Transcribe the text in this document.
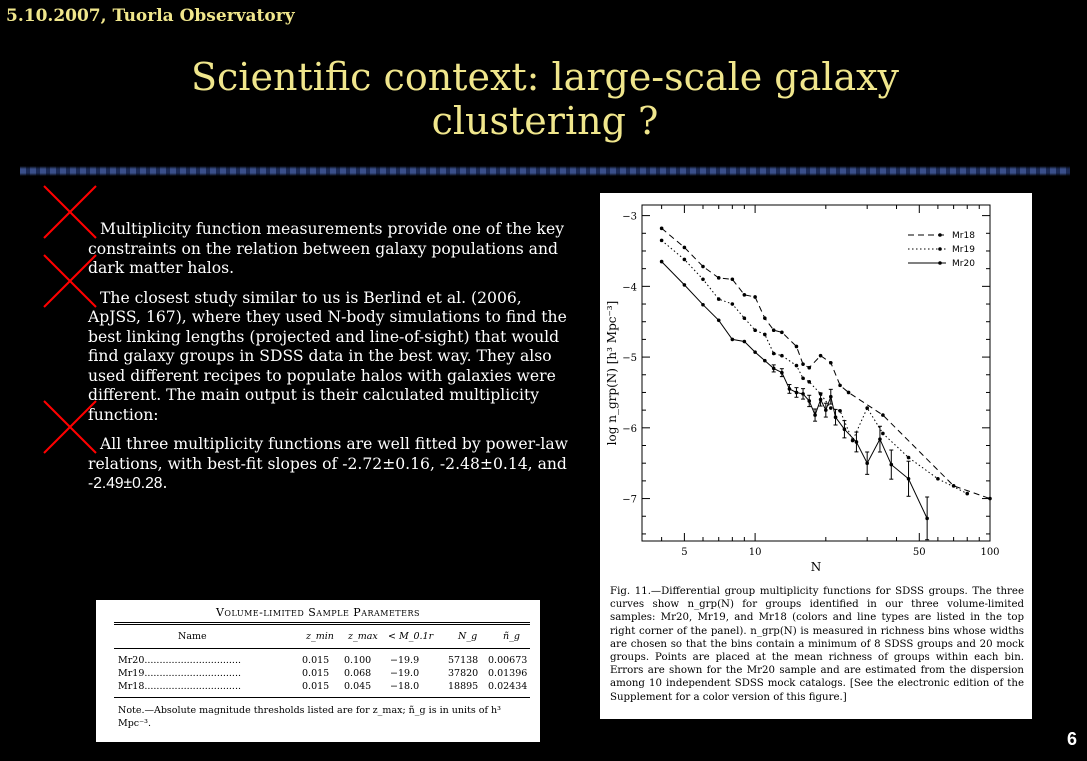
5.10.2007, Tuorla Observatory
Scientific context: large-scale galaxy
clustering ?

Multiplicity function measurements provide one of the key constraints on the relation between galaxy populations and dark matter halos.

The closest study similar to us is Berlind et al. (2006, ApJSS, 167), where they used N-body simulations to find the best linking lengths (projected and line-of-sight) that would find galaxy groups in SDSS data in the best way. They also used different recipes to populate halos with galaxies were different. The main output is their calculated multiplicity function:

All three multiplicity functions are well fitted by power-law relations, with best-fit slopes of -2.72±0.16, -2.48±0.14, and -2.49±0.28.

Volume-limited Sample Parameters
Name	z_min z_max < M_0.1r	N_g	ñ_g
Mr20................................	0.015 0.100 −19.9	57138 0.00673
Mr19................................	0.015 0.068 −19.0	37820 0.01396
Mr18................................	0.015 0.045 −18.0	18895 0.02434
Note.—Absolute magnitude thresholds listed are for z_max; ñ_g is in units of h³ Mpc⁻³.
5	10	50	100
−3
−4
−5
−6
−7
N
log n_grp(N) [h³ Mpc⁻³]
Mr18
Mr19
Mr20
Fig. 11.—Differential group multiplicity functions for SDSS groups. The three curves show n_grp(N) for groups identified in our three volume-limited samples: Mr20, Mr19, and Mr18 (colors and line types are listed in the top right corner of the panel). n_grp(N) is measured in richness bins whose widths are chosen so that the bins contain a minimum of 8 SDSS groups and 20 mock groups. Points are placed at the mean richness of groups within each bin. Errors are shown for the Mr20 sample and are estimated from the dispersion among 10 independent SDSS mock catalogs. [See the electronic edition of the Supplement for a color version of this figure.]
6
